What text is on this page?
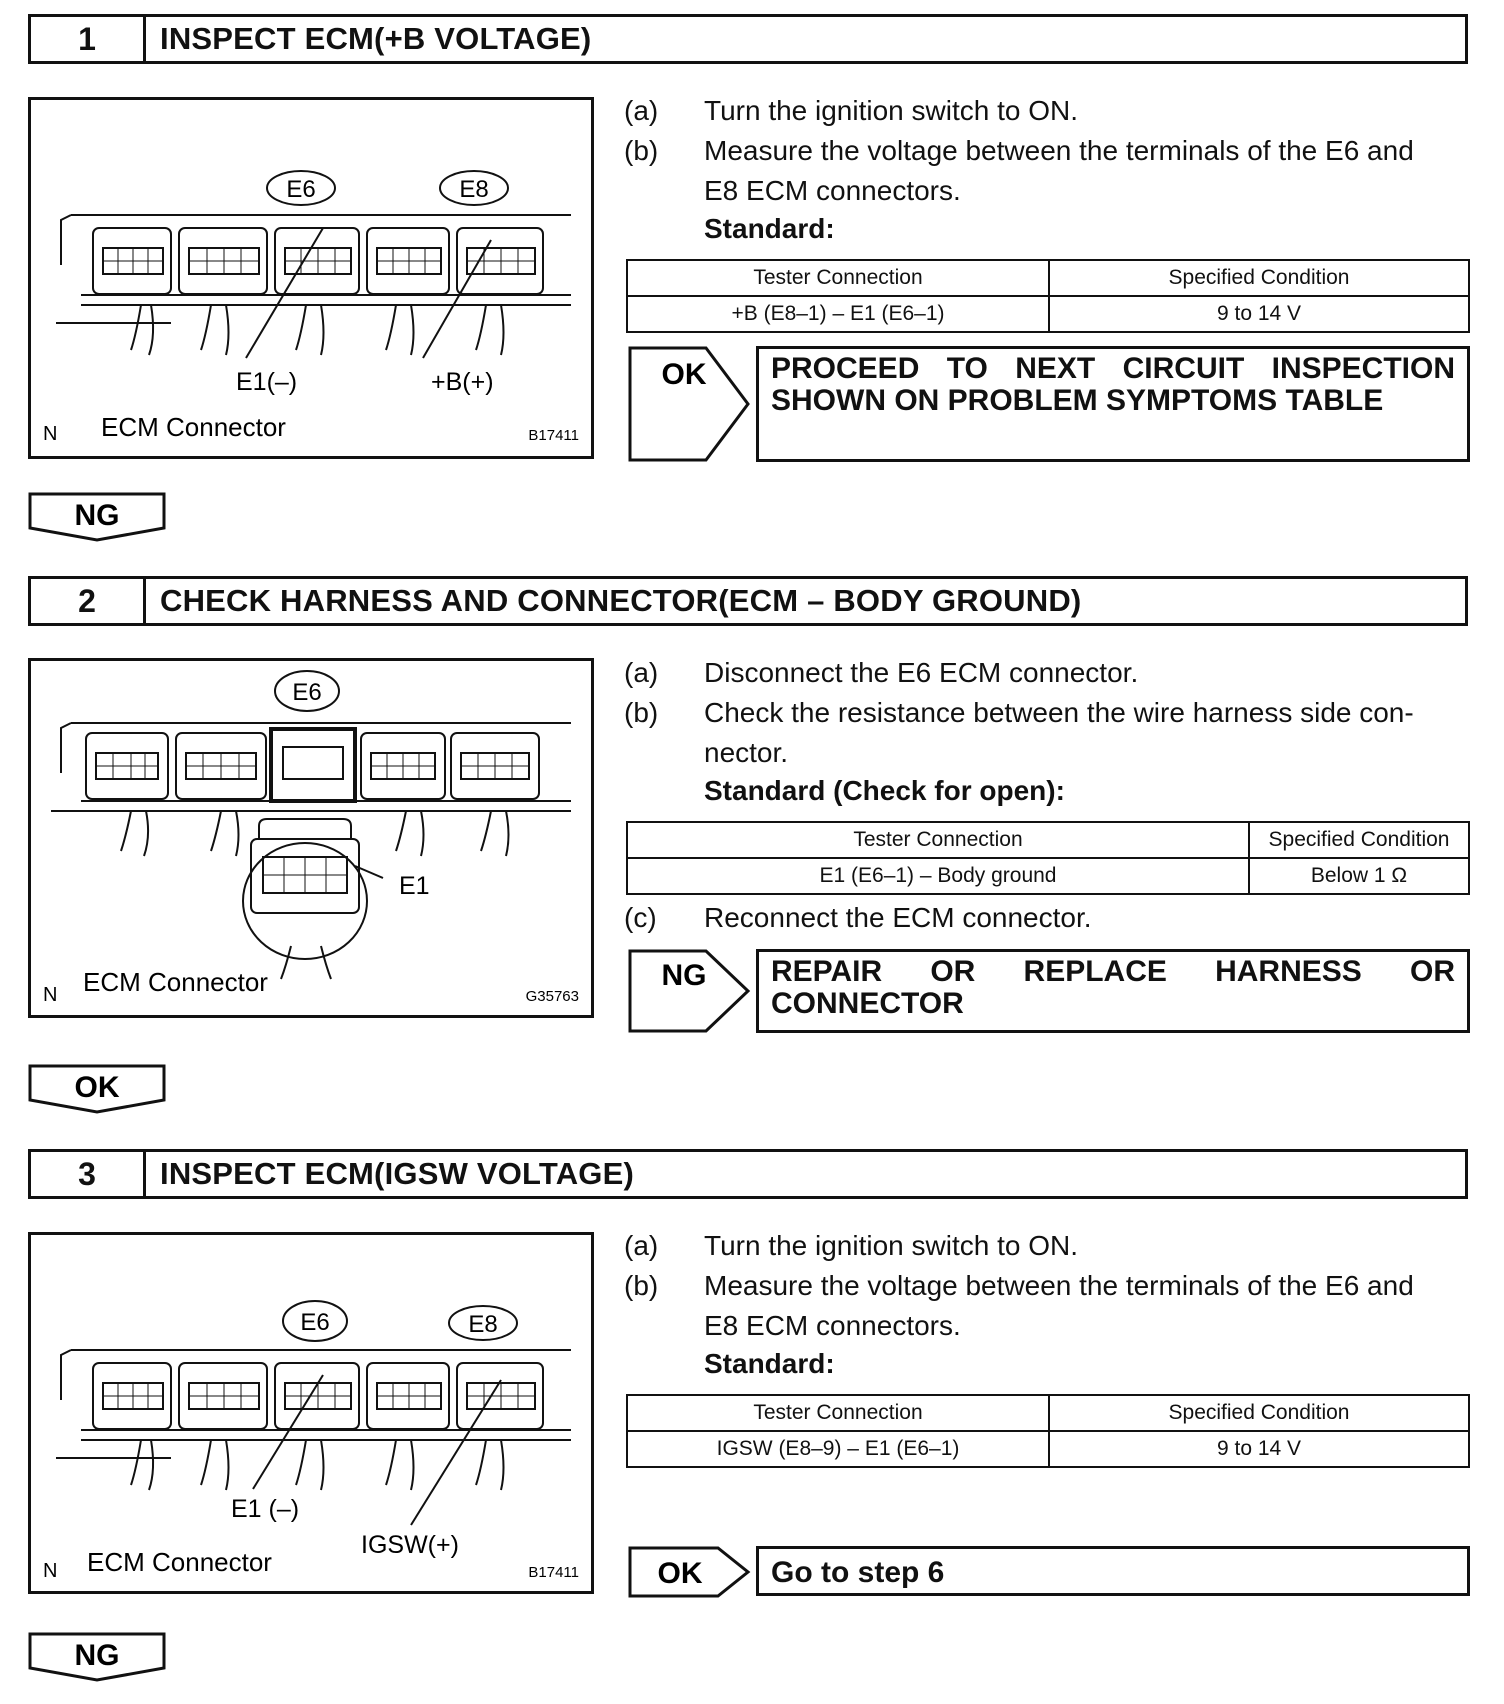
1	INSPECT ECM(+B VOLTAGE)
E6	E8
E1(–)	+B(+)
N ECM Connector	B17411
(a) Turn the ignition switch to ON.
(b) Measure the voltage between the terminals of the E6 and
E8 ECM connectors.
Standard:
Tester Connection	Specified Condition
+B (E8–1) – E1 (E6–1)	9 to 14 V
OK PROCEED TO NEXT CIRCUIT INSPECTION
SHOWN ON PROBLEM SYMPTOMS TABLE
NG
2	CHECK HARNESS AND CONNECTOR(ECM – BODY GROUND)
E6
E1
N ECM Connector	G35763
(a) Disconnect the E6 ECM connector.
(b) Check the resistance between the wire harness side con-
nector.
Standard (Check for open):
Tester Connection	Specified Condition
E1 (E6–1) – Body ground	Below 1 Ω
(c) Reconnect the ECM connector.
NG REPAIR OR REPLACE HARNESS OR
CONNECTOR
OK
3	INSPECT ECM(IGSW VOLTAGE)
E6	E8
E1 (–)
IGSW(+)
N ECM Connector	B17411
(a) Turn the ignition switch to ON.
(b) Measure the voltage between the terminals of the E6 and
E8 ECM connectors.
Standard:
Tester Connection	Specified Condition
IGSW (E8–9) – E1 (E6–1)	9 to 14 V
OK Go to step 6
NG
